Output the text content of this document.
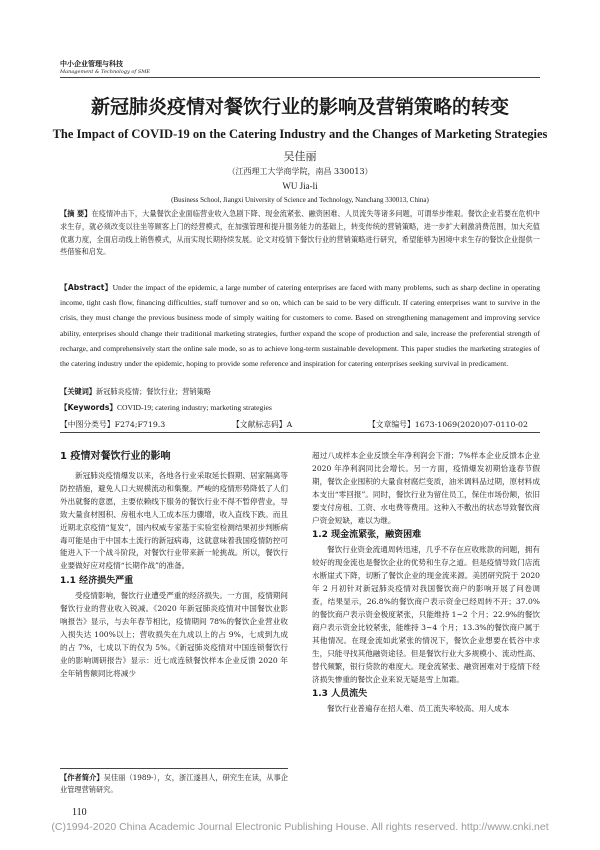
中小企业管理与科技
Management & Technology of SME
新冠肺炎疫情对餐饮行业的影响及营销策略的转变
The Impact of COVID-19 on the Catering Industry and the Changes of Marketing Strategies
吴佳丽
（江西理工大学商学院，南昌 330013）
WU Jia-li
(Business School, Jiangxi University of Science and Technology, Nanchang 330013, China)
【摘 要】在疫情冲击下，大量餐饮企业面临营业收入急剧下降、现金流紧张、融资困难、人员流失等诸多问题，可谓举步维艰。餐饮企业若要在危机中求生存，就必须改变以往坐等顾客上门的经营模式，在加强管理和提升服务能力的基础上，转变传统的营销策略，进一步扩大刺激消费范围，加大充值优惠力度，全面启动线上销售模式，从而实现长期持续发展。论文对疫情下餐饮行业的营销策略进行研究，希望能够为困境中求生存的餐饮企业提供一些借鉴和启发。
【Abstract】Under the impact of the epidemic, a large number of catering enterprises are faced with many problems, such as sharp decline in operating income, tight cash flow, financing difficulties, staff turnover and so on, which can be said to be very difficult. If catering enterprises want to survive in the crisis, they must change the previous business mode of simply waiting for customers to come. Based on strengthening management and improving service ability, enterprises should change their traditional marketing strategies, further expand the scope of production and sale, increase the preferential strength of recharge, and comprehensively start the online sale mode, so as to achieve long-term sustainable development. This paper studies the marketing strategies of the catering industry under the epidemic, hoping to provide some reference and inspiration for catering enterprises seeking survival in predicament.
【关键词】新冠肺炎疫情；餐饮行业；营销策略
【Keywords】COVID-19; catering industry; marketing strategies
【中图分类号】F274;F719.3	【文献标志码】A	【文章编号】1673-1069(2020)07-0110-02
1 疫情对餐饮行业的影响

新冠肺炎疫情爆发以来，各地各行业采取延长假期、居家隔离等防控措施，避免人口大规模流动和集聚。严峻的疫情形势降低了人们外出就餐的意愿，主要依赖线下服务的餐饮行业不得不暂停营业，导致大量食材囤积、房租水电人工成本压力骤增，收入直线下跌。而且近期北京疫情“复发”，国内权威专家基于实验室检测结果初步判断病毒可能是由于中国本土流行的新冠病毒，这就意味着我国疫情防控可能进入下一个战斗阶段，对餐饮行业带来新一轮挑战。所以，餐饮行业要做好应对疫情“长期作战”的准备。

1.1 经济损失严重

受疫情影响，餐饮行业遭受严重的经济损失。一方面，疫情期间餐饮行业的营业收入锐减。《2020 年新冠肺炎疫情对中国餐饮业影响报告》显示，与去年春节相比，疫情期间 78%的餐饮企业营业收入损失达 100%以上；营收损失在九成以上的占 9%，七成到九成的占 7%，七成以下的仅为 5%。《新冠肺炎疫情对中国连锁餐饮行业的影响调研报告》显示：近七成连锁餐饮样本企业反馈 2020 年全年销售额同比将减少

超过八成样本企业反馈全年净利润会下滑；7%样本企业反馈本企业 2020 年净利润同比会增长。另一方面，疫情爆发初期恰逢春节假期，餐饮企业囤积的大量食材腐烂变质，油米调料品过期，原材料成本支出“零回报”。同时，餐饮行业为留住员工，保住市场份额，依旧要支付房租、工资、水电费等费用。这种入不敷出的状态导致餐饮商户资金短缺，难以为继。

1.2 现金流紧张，融资困难

餐饮行业资金流通周转迅速，几乎不存在应收账款的问题，拥有较好的现金流也是餐饮企业的优势和生存之道。但是疫情导致门店流水断崖式下降，切断了餐饮企业的现金流来源。美团研究院于 2020 年 2 月初针对新冠肺炎疫情对我国餐饮商户的影响开展了问卷调查，结果显示，26.8%的餐饮商户表示资金已经周转不开；37.0%的餐饮商户表示资金极度紧张，只能维持 1~2 个月；22.9%的餐饮商户表示资金比较紧张，能维持 3~4 个月；13.3%的餐饮商户属于其他情况。在现金流如此紧张的情况下，餐饮企业想要在低谷中求生，只能寻找其他融资途径。但是餐饮行业大多规模小、流动性高、替代频繁，银行贷款的难度大。现金流紧张、融资困难对于疫情下经济损失惨重的餐饮企业来说无疑是雪上加霜。

1.3 人员流失

餐饮行业普遍存在招人难、员工流失率较高、用人成本

【作者简介】吴佳丽（1989-），女，浙江遂昌人，研究生在读，从事企业管理营销研究。
110
(C)1994-2020 China Academic Journal Electronic Publishing House. All rights reserved. http://www.cnki.net
